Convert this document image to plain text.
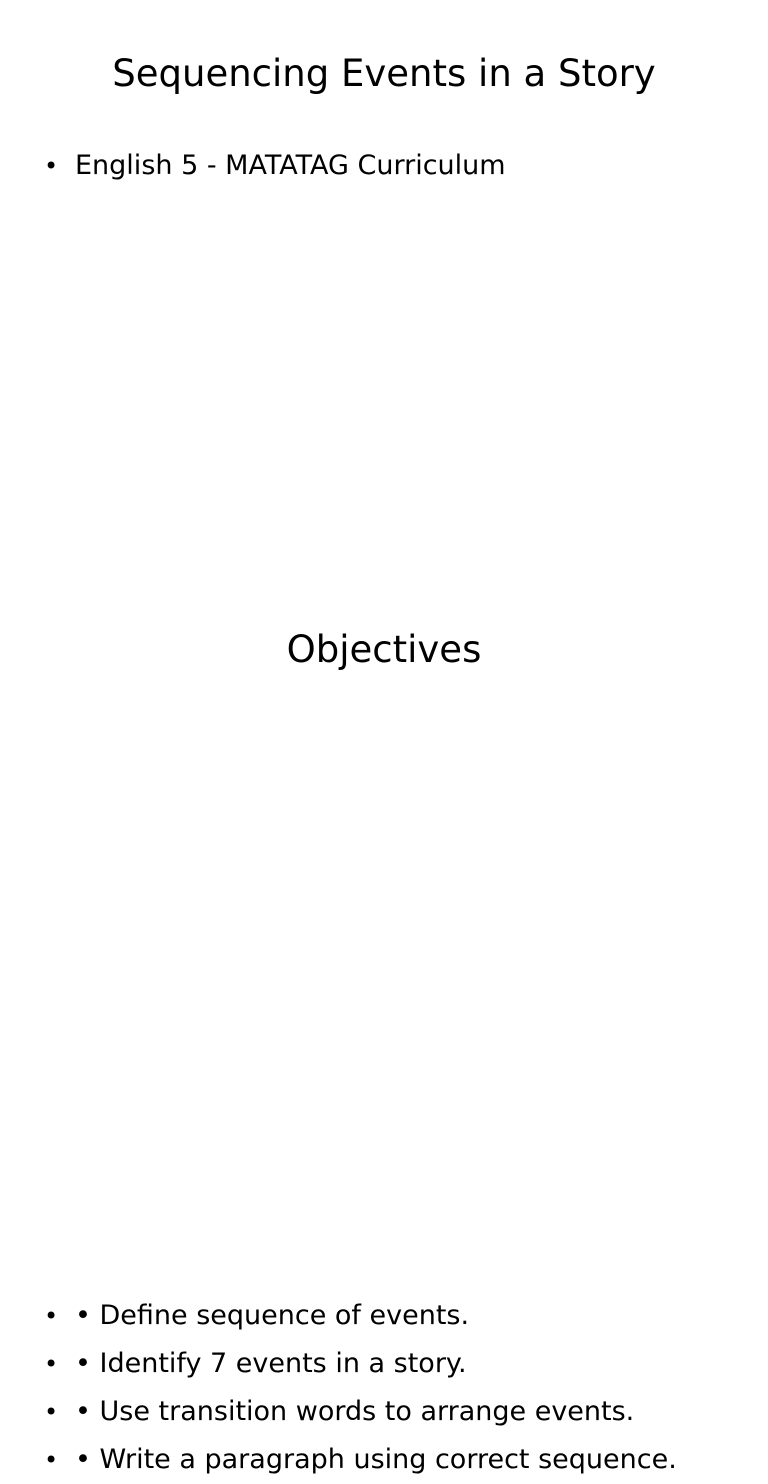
Sequencing Events in a Story
• English 5 - MATATAG Curriculum
Objectives
• • Define sequence of events.
• • Identify 7 events in a story.
• • Use transition words to arrange events.
• • Write a paragraph using correct sequence.
